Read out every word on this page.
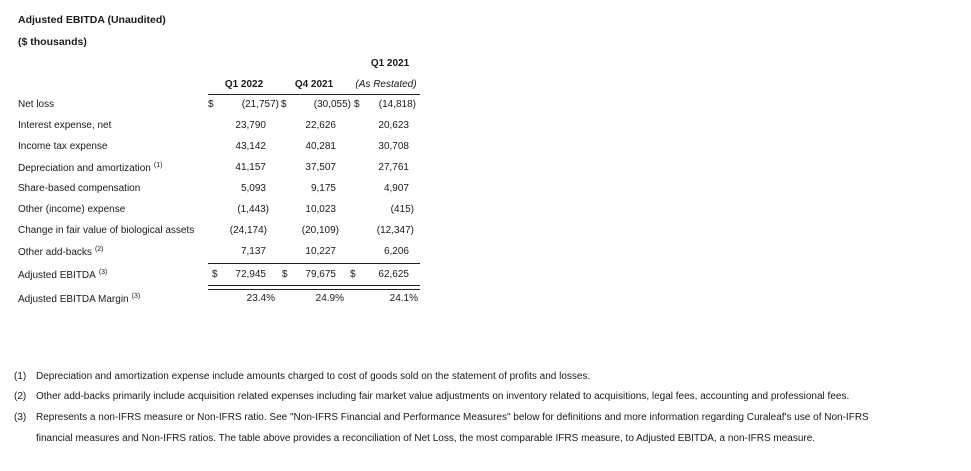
Adjusted EBITDA (Unaudited)
($ thousands)
Q1 2021
Q1 2022	Q4 2021	(As Restated)
Net loss	$	(21,757) $	(30,055) $	(14,818)
Interest expense, net	23,790	22,626	20,623
Income tax expense	43,142	40,281	30,708
Depreciation and amortization $^{(1)}$	41,157	37,507	27,761
Share-based compensation	5,093	9,175	4,907
Other (income) expense	(1,443)	10,023	(415)
Change in fair value of biological assets	(24,174)	(20,109)	(12,347)
Other add-backs $^{(2)}$	7,137	10,227	6,206
Adjusted EBITDA $^{(3)}$	$	72,945 $	79,675 $	62,625
Adjusted EBITDA Margin $^{(3)}$	23.4%	24.9%	24.1%
(1) Depreciation and amortization expense include amounts charged to cost of goods sold on the statement of profits and losses.
(2) Other add-backs primarily include acquisition related expenses including fair market value adjustments on inventory related to acquisitions, legal fees, accounting and professional fees.
(3) Represents a non-IFRS measure or Non-IFRS ratio. See "Non-IFRS Financial and Performance Measures" below for definitions and more information regarding Curaleaf's use of Non-IFRS
financial measures and Non-IFRS ratios. The table above provides a reconciliation of Net Loss, the most comparable IFRS measure, to Adjusted EBITDA, a non-IFRS measure.
